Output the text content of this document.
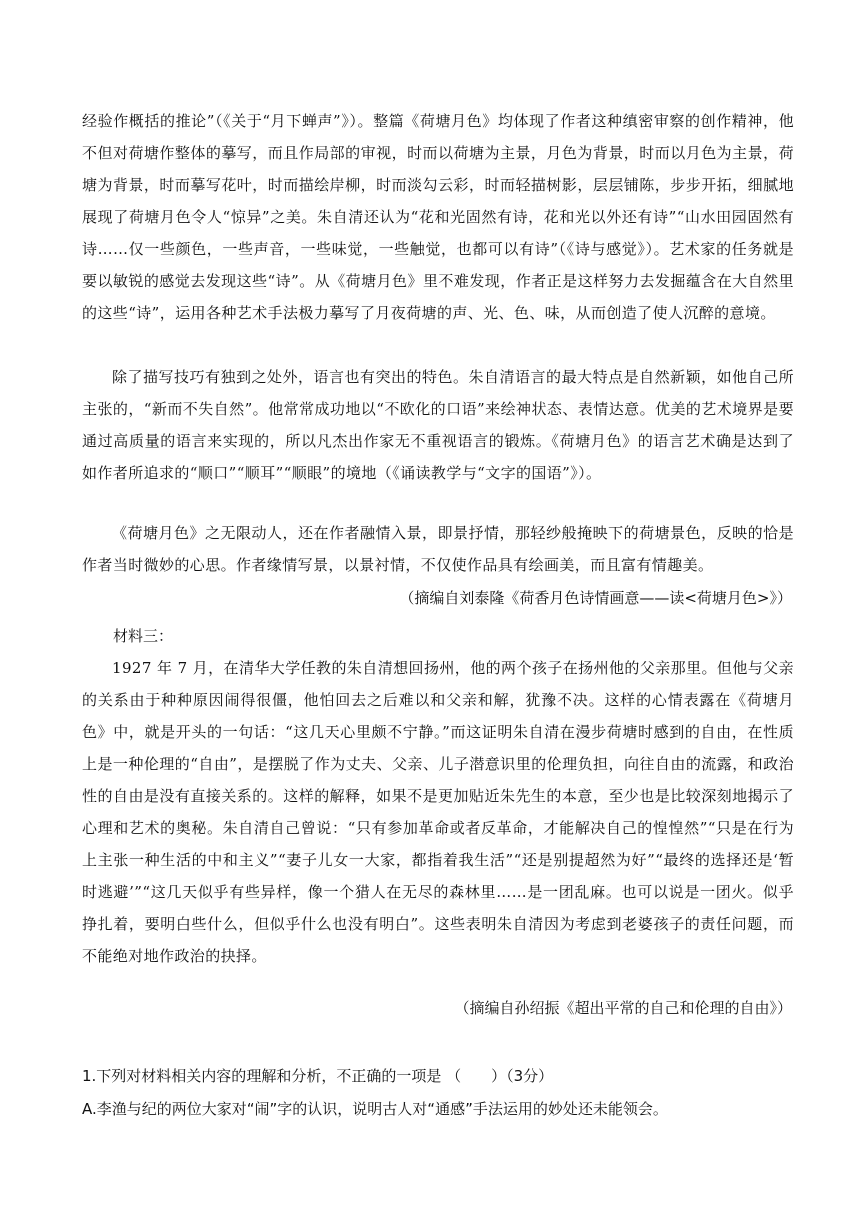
经验作概括的推论”（《关于“月下蝉声”》）。整篇《荷塘月色》均体现了作者这种缜密审察的创作精神，他不但对荷塘作整体的摹写，而且作局部的审视，时而以荷塘为主景，月色为背景，时而以月色为主景，荷塘为背景，时而摹写花叶，时而描绘岸柳，时而淡勾云彩，时而轻描树影，层层铺陈，步步开拓，细腻地展现了荷塘月色令人“惊异”之美。朱自清还认为“花和光固然有诗，花和光以外还有诗”“山水田园固然有诗……仅一些颜色，一些声音，一些味觉，一些触觉，也都可以有诗”（《诗与感觉》）。艺术家的任务就是要以敏锐的感觉去发现这些“诗”。从《荷塘月色》里不难发现，作者正是这样努力去发掘蕴含在大自然里的这些“诗”，运用各种艺术手法极力摹写了月夜荷塘的声、光、色、味，从而创造了使人沉醉的意境。

除了描写技巧有独到之处外，语言也有突出的特色。朱自清语言的最大特点是自然新颖，如他自己所主张的，“新而不失自然”。他常常成功地以“不欧化的口语”来绘神状态、表情达意。优美的艺术境界是要通过高质量的语言来实现的，所以凡杰出作家无不重视语言的锻炼。《荷塘月色》的语言艺术确是达到了如作者所追求的“顺口”“顺耳”“顺眼”的境地（《诵读教学与“文字的国语”》）。

《荷塘月色》之无限动人，还在作者融情入景，即景抒情，那轻纱般掩映下的荷塘景色，反映的恰是作者当时微妙的心思。作者缘情写景，以景衬情，不仅使作品具有绘画美，而且富有情趣美。

（摘编自刘泰隆《荷香月色诗情画意——读<荷塘月色>》）

材料三：

1927 年 7 月，在清华大学任教的朱自清想回扬州，他的两个孩子在扬州他的父亲那里。但他与父亲的关系由于种种原因闹得很僵，他怕回去之后难以和父亲和解，犹豫不决。这样的心情表露在《荷塘月色》中，就是开头的一句话：“这几天心里颇不宁静。”而这证明朱自清在漫步荷塘时感到的自由，在性质上是一种伦理的“自由”，是摆脱了作为丈夫、父亲、儿子潜意识里的伦理负担，向往自由的流露，和政治性的自由是没有直接关系的。这样的解释，如果不是更加贴近朱先生的本意，至少也是比较深刻地揭示了心理和艺术的奥秘。朱自清自己曾说：“只有参加革命或者反革命，才能解决自己的惶惶然”“只是在行为上主张一种生活的中和主义”“妻子儿女一大家，都指着我生活”“还是别提超然为好”“最终的选择还是‘暂时逃避’”“这几天似乎有些异样，像一个猎人在无尽的森林里……是一团乱麻。也可以说是一团火。似乎挣扎着，要明白些什么，但似乎什么也没有明白”。这些表明朱自清因为考虑到老婆孩子的责任问题，而不能绝对地作政治的抉择。

（摘编自孙绍振《超出平常的自己和伦理的自由》）

1.下列对材料相关内容的理解和分析，不正确的一项是 （　　）（3分）

A.李渔与纪的两位大家对“闹”字的认识，说明古人对“通感”手法运用的妙处还未能领会。
